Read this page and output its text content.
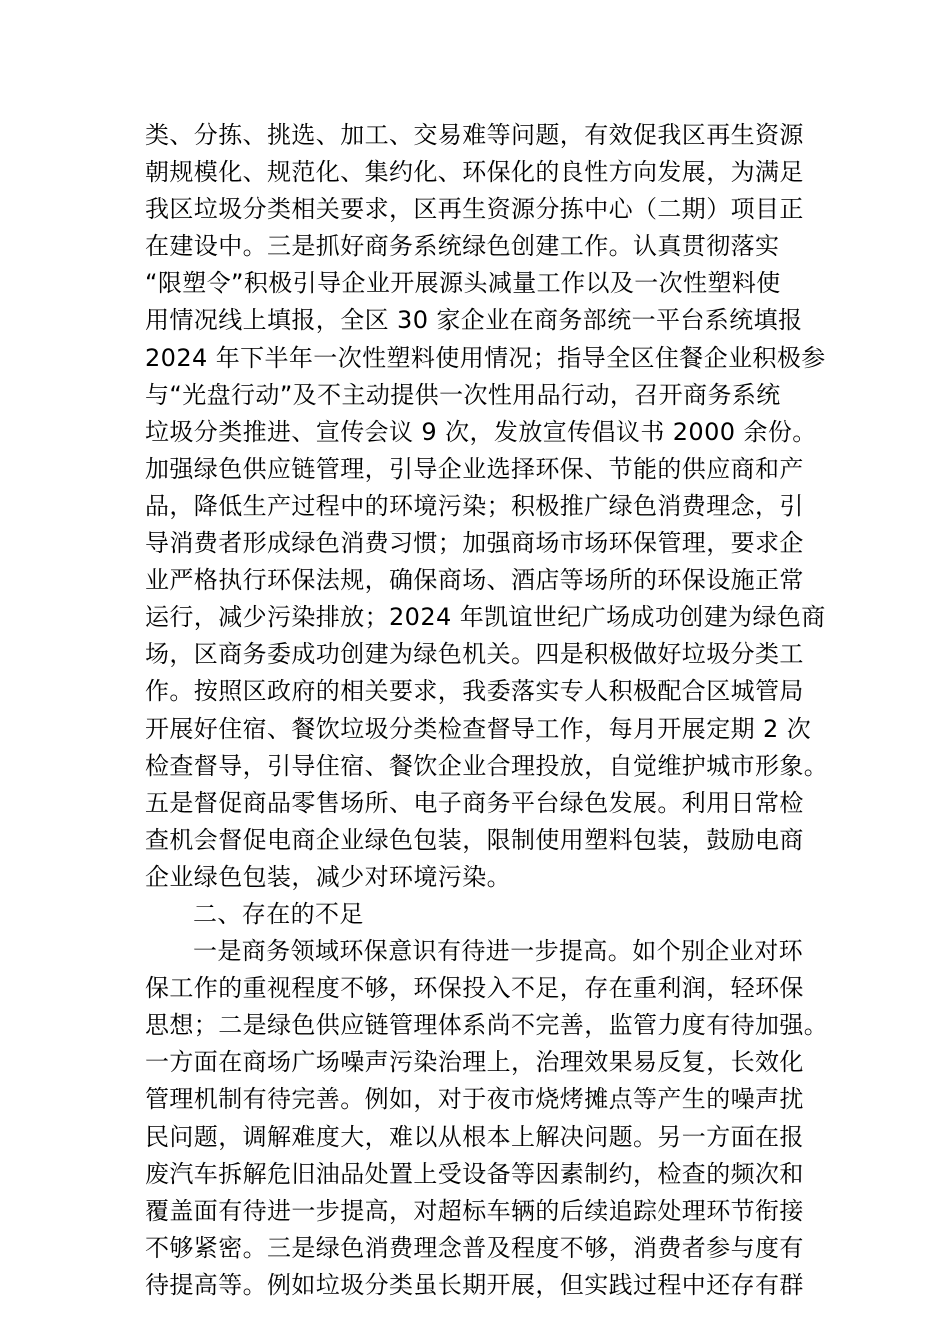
类、分拣、挑选、加工、交易难等问题，有效促我区再生资源
朝规模化、规范化、集约化、环保化的良性方向发展，为满足
我区垃圾分类相关要求，区再生资源分拣中心（二期）项目正
在建设中。三是抓好商务系统绿色创建工作。认真贯彻落实
“限塑令”积极引导企业开展源头减量工作以及一次性塑料使
用情况线上填报，全区 30 家企业在商务部统一平台系统填报
2024 年下半年一次性塑料使用情况；指导全区住餐企业积极参
与“光盘行动”及不主动提供一次性用品行动，召开商务系统
垃圾分类推进、宣传会议 9 次，发放宣传倡议书 2000 余份。
加强绿色供应链管理，引导企业选择环保、节能的供应商和产
品，降低生产过程中的环境污染；积极推广绿色消费理念，引
导消费者形成绿色消费习惯；加强商场市场环保管理，要求企
业严格执行环保法规，确保商场、酒店等场所的环保设施正常
运行，减少污染排放；2024 年凯谊世纪广场成功创建为绿色商
场，区商务委成功创建为绿色机关。四是积极做好垃圾分类工
作。按照区政府的相关要求，我委落实专人积极配合区城管局
开展好住宿、餐饮垃圾分类检查督导工作，每月开展定期 2 次
检查督导，引导住宿、餐饮企业合理投放，自觉维护城市形象。
五是督促商品零售场所、电子商务平台绿色发展。利用日常检
查机会督促电商企业绿色包装，限制使用塑料包装，鼓励电商
企业绿色包装，减少对环境污染。
二、存在的不足
一是商务领域环保意识有待进一步提高。如个别企业对环
保工作的重视程度不够，环保投入不足，存在重利润，轻环保
思想；二是绿色供应链管理体系尚不完善，监管力度有待加强。
一方面在商场广场噪声污染治理上，治理效果易反复，长效化
管理机制有待完善。例如，对于夜市烧烤摊点等产生的噪声扰
民问题，调解难度大，难以从根本上解决问题。另一方面在报
废汽车拆解危旧油品处置上受设备等因素制约，检查的频次和
覆盖面有待进一步提高，对超标车辆的后续追踪处理环节衔接
不够紧密。三是绿色消费理念普及程度不够，消费者参与度有
待提高等。例如垃圾分类虽长期开展，但实践过程中还存有群
